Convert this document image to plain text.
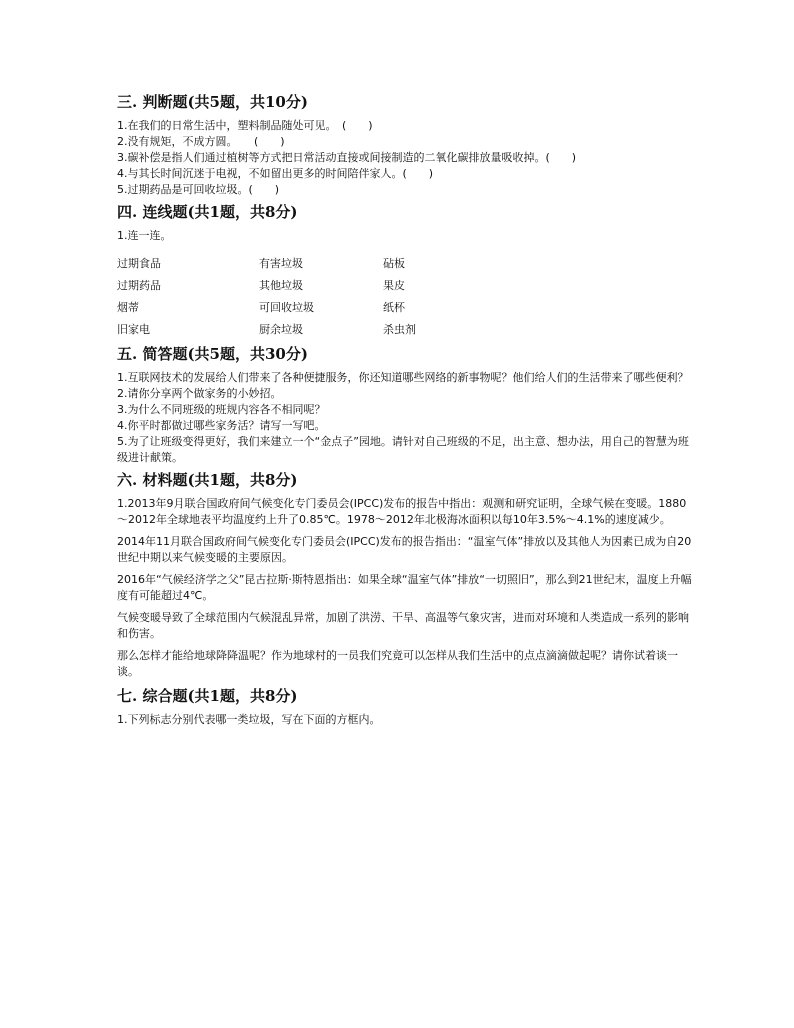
三. 判断题(共5题，共10分)

1.在我们的日常生活中，塑料制品随处可见。　(　　)

2.没有规矩，不成方圆。　　(　　)

3.碳补偿是指人们通过植树等方式把日常活动直接或间接制造的二氧化碳排放量吸收掉。(　　)

4.与其长时间沉迷于电视，不如留出更多的时间陪伴家人。(　　)

5.过期药品是可回收垃圾。(　　)

四. 连线题(共1题，共8分)

1.连一连。

过期食品	有害垃圾	砧板
过期药品	其他垃圾	果皮
烟蒂	可回收垃圾	纸杯
旧家电	厨余垃圾	杀虫剂
五. 简答题(共5题，共30分)

1.互联网技术的发展给人们带来了各种便捷服务，你还知道哪些网络的新事物呢？他们给人们的生活带来了哪些便利？

2.请你分享两个做家务的小妙招。

3.为什么不同班级的班规内容各不相同呢？

4.你平时都做过哪些家务活？请写一写吧。

5.为了让班级变得更好，我们来建立一个“金点子”园地。请针对自己班级的不足，出主意、想办法，用自己的智慧为班级进计献策。

六. 材料题(共1题，共8分)

1.2013年9月联合国政府间气候变化专门委员会(IPCC)发布的报告中指出：观测和研究证明，全球气候在变暖。1880～2012年全球地表平均温度约上升了0.85℃。1978～2012年北极海冰面积以每10年3.5%～4.1%的速度减少。

2014年11月联合国政府间气候变化专门委员会(IPCC)发布的报告指出：“温室气体”排放以及其他人为因素已成为自20世纪中期以来气候变暖的主要原因。

2016年“气候经济学之父”昆古拉斯·斯特恩指出：如果全球“温室气体”排放“一切照旧”，那么到21世纪末，温度上升幅度有可能超过4℃。

气候变暖导致了全球范围内气候混乱异常，加剧了洪涝、干旱、高温等气象灾害，进而对环境和人类造成一系列的影响和伤害。

那么怎样才能给地球降降温呢？作为地球村的一员我们究竟可以怎样从我们生活中的点点滴滴做起呢？请你试着谈一谈。

七. 综合题(共1题，共8分)

1.下列标志分别代表哪一类垃圾，写在下面的方框内。
